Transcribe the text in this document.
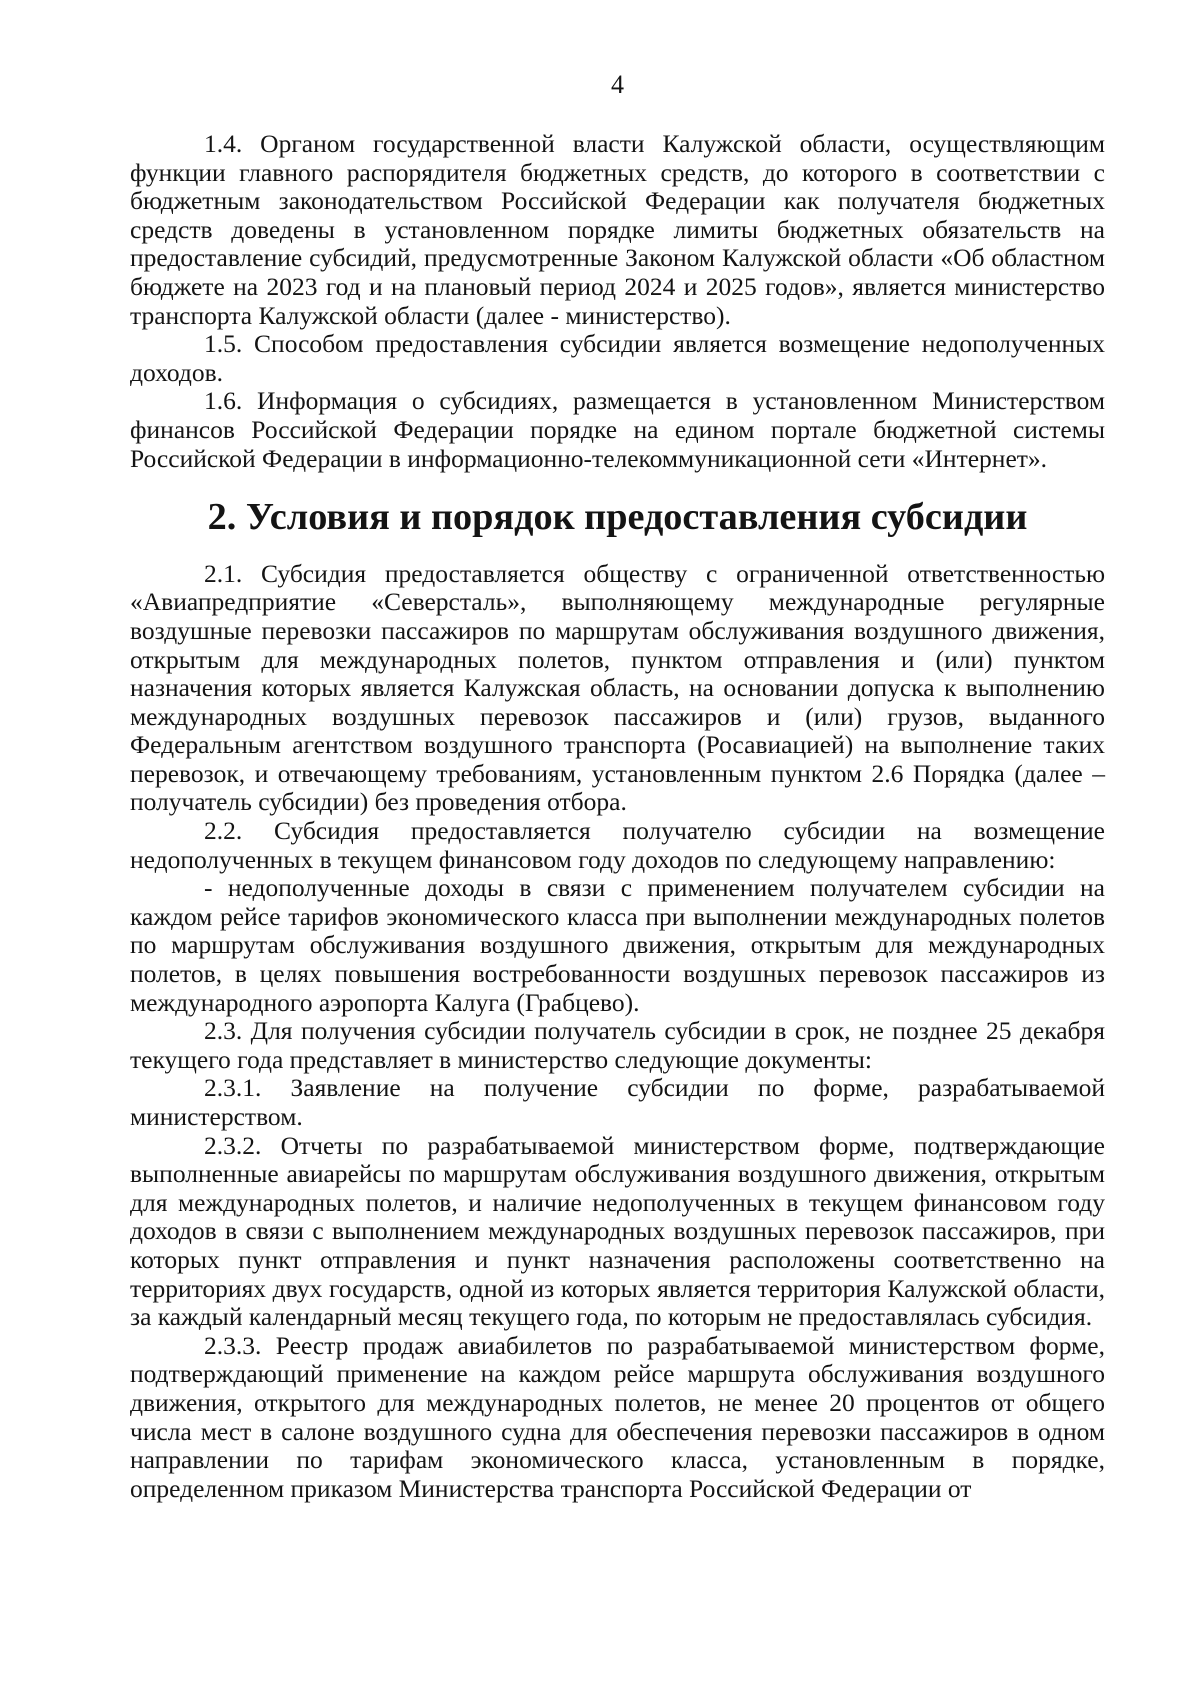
4

1.4. Органом государственной власти Калужской области, осуществляющим функции главного распорядителя бюджетных средств, до которого в соответствии с бюджетным законодательством Российской Федерации как получателя бюджетных средств доведены в установленном порядке лимиты бюджетных обязательств на предоставление субсидий, предусмотренные Законом Калужской области «Об областном бюджете на 2023 год и на плановый период 2024 и 2025 годов», является министерство транспорта Калужской области (далее - министерство).

1.5. Способом предоставления субсидии является возмещение недополученных доходов.

1.6. Информация о субсидиях, размещается в установленном Министерством финансов Российской Федерации порядке на едином портале бюджетной системы Российской Федерации в информационно-телекоммуникационной сети «Интернет».

2. Условия и порядок предоставления субсидии

2.1. Субсидия предоставляется обществу с ограниченной ответственностью «Авиапредприятие «Северсталь», выполняющему международные регулярные воздушные перевозки пассажиров по маршрутам обслуживания воздушного движения, открытым для международных полетов, пунктом отправления и (или) пунктом назначения которых является Калужская область, на основании допуска к выполнению международных воздушных перевозок пассажиров и (или) грузов, выданного Федеральным агентством воздушного транспорта (Росавиацией) на выполнение таких перевозок, и отвечающему требованиям, установленным пунктом 2.6 Порядка (далее – получатель субсидии) без проведения отбора.

2.2. Субсидия предоставляется получателю субсидии на возмещение недополученных в текущем финансовом году доходов по следующему направлению:

- недополученные доходы в связи с применением получателем субсидии на каждом рейсе тарифов экономического класса при выполнении международных полетов по маршрутам обслуживания воздушного движения, открытым для международных полетов, в целях повышения востребованности воздушных перевозок пассажиров из международного аэропорта Калуга (Грабцево).

2.3. Для получения субсидии получатель субсидии в срок, не позднее 25 декабря текущего года представляет в министерство следующие документы:

2.3.1. Заявление на получение субсидии по форме, разрабатываемой министерством.

2.3.2. Отчеты по разрабатываемой министерством форме, подтверждающие выполненные авиарейсы по маршрутам обслуживания воздушного движения, открытым для международных полетов, и наличие недополученных в текущем финансовом году доходов в связи с выполнением международных воздушных перевозок пассажиров, при которых пункт отправления и пункт назначения расположены соответственно на территориях двух государств, одной из которых является территория Калужской области, за каждый календарный месяц текущего года, по которым не предоставлялась субсидия.

2.3.3. Реестр продаж авиабилетов по разрабатываемой министерством форме, подтверждающий применение на каждом рейсе маршрута обслуживания воздушного движения, открытого для международных полетов, не менее 20 процентов от общего числа мест в салоне воздушного судна для обеспечения перевозки пассажиров в одном направлении по тарифам экономического класса, установленным в порядке, определенном приказом Министерства транспорта Российской Федерации от
